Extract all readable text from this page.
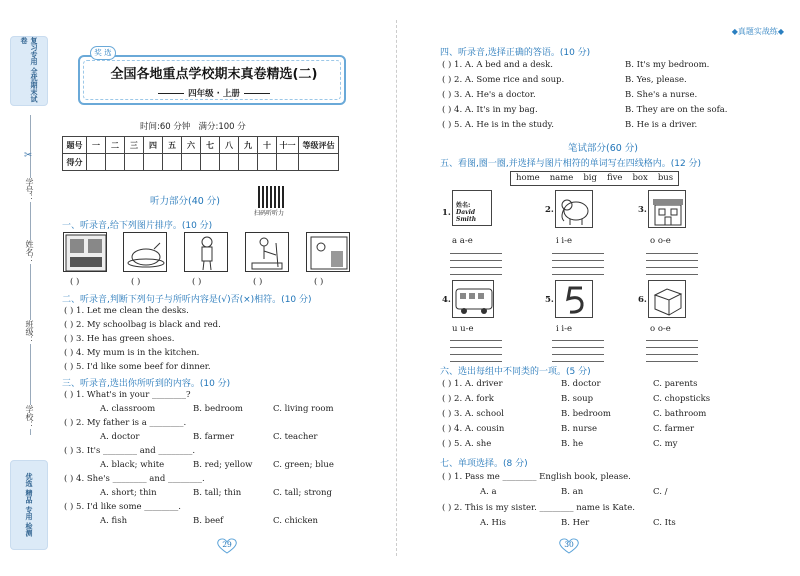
复习专用 全优期末试卷
学号：
姓名：
班级：
学校：
✂
优选 精品 专用 检测
全国各地重点学校期末真卷精选(二)
四年级 · 上册
奖 选
时间:60 分钟 满分:100 分
题号	一	二	三	四	五	六	七	八	九	十	十一	等级评估
得分												
听力部分(40 分)
扫码听听力
一、听录音,给下列图片排序。(10 分)
( )	( )	( )	( )	( )
二、听录音,判断下列句子与所听内容是(√)否(×)相符。(10 分)
( ) 1. Let me clean the desks.
( ) 2. My schoolbag is black and red.
( ) 3. He has green shoes.
( ) 4. My mum is in the kitchen.
( ) 5. I'd like some beef for dinner.
三、听录音,选出你所听到的内容。(10 分)
( ) 1. What's in your ________?
A. classroom	B. bedroom	C. living room
( ) 2. My father is a ________.
A. doctor	B. farmer	C. teacher
( ) 3. It's ________ and ________.
A. black; white	B. red; yellow C. green; blue
( ) 4. She's ________ and ________.
A. short; thin	B. tall; thin	C. tall; strong
( ) 5. I'd like some ________.
A. fish	B. beef	C. chicken
29
◆真题实战练◆
四、听录音,选择正确的答语。(10 分)
( ) 1. A. A bed and a desk.	B. It's my bedroom.
( ) 2. A. Some rice and soup.	B. Yes, please.
( ) 3. A. He's a doctor.	B. She's a nurse.
( ) 4. A. It's in my bag.	B. They are on the sofa.
( ) 5. A. He is in the study.	B. He is a driver.
笔试部分(60 分)
五、看图,圈一圈,并选择与图片相符的单词写在四线格内。(12 分)
home	name	big	five	box	bus
1.
姓名:
David Smith
a a-e
2.
i i-e
3.
o o-e
4.
u u-e
5.
i i-e
6.
o o-e
六、选出每组中不同类的一项。(5 分)
( ) 1. A. driver	B. doctor	C. parents
( ) 2. A. fork	B. soup	C. chopsticks
( ) 3. A. school	B. bedroom	C. bathroom
( ) 4. A. cousin	B. nurse	C. farmer
( ) 5. A. she	B. he	C. my
七、单项选择。(8 分)
( ) 1. Pass me ________ English book, please.
A. a	B. an	C. /
( ) 2. This is my sister. ________ name is Kate.
A. His	B. Her	C. Its
30
